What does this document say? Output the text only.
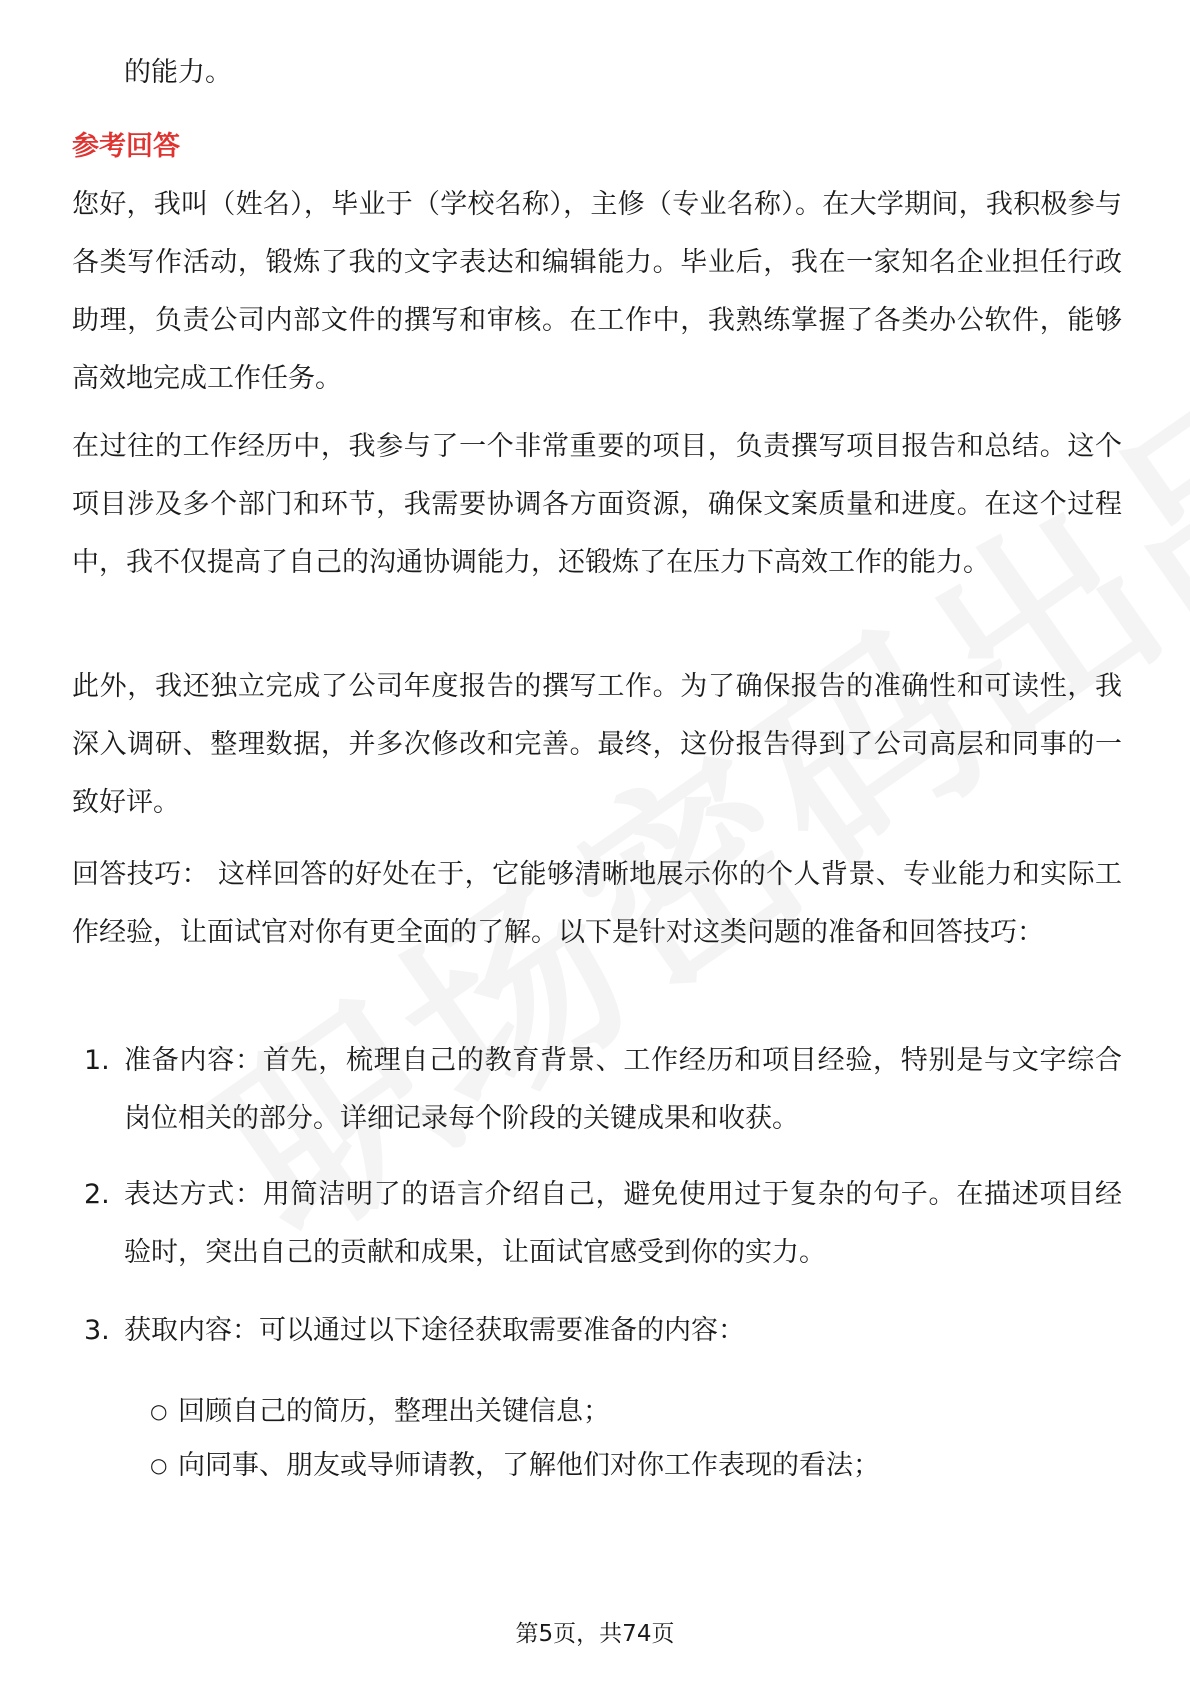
的能力。
参考回答

您好，我叫（姓名），毕业于（学校名称），主修（专业名称）。在大学期间，我积极参与各类写作活动，锻炼了我的文字表达和编辑能力。毕业后，我在一家知名企业担任行政助理，负责公司内部文件的撰写和审核。在工作中，我熟练掌握了各类办公软件，能够高效地完成工作任务。

在过往的工作经历中，我参与了一个非常重要的项目，负责撰写项目报告和总结。这个项目涉及多个部门和环节，我需要协调各方面资源，确保文案质量和进度。在这个过程中，我不仅提高了自己的沟通协调能力，还锻炼了在压力下高效工作的能力。

此外，我还独立完成了公司年度报告的撰写工作。为了确保报告的准确性和可读性，我深入调研、整理数据，并多次修改和完善。最终，这份报告得到了公司高层和同事的一致好评。

回答技巧： 这样回答的好处在于，它能够清晰地展示你的个人背景、专业能力和实际工作经验，让面试官对你有更全面的了解。以下是针对这类问题的准备和回答技巧：

1. 准备内容：首先，梳理自己的教育背景、工作经历和项目经验，特别是与文字综合岗位相关的部分。详细记录每个阶段的关键成果和收获。
2. 表达方式：用简洁明了的语言介绍自己，避免使用过于复杂的句子。在描述项目经验时，突出自己的贡献和成果，让面试官感受到你的实力。
3. 获取内容：可以通过以下途径获取需要准备的内容：
○ 回顾自己的简历，整理出关键信息；
○ 向同事、朋友或导师请教，了解他们对你工作表现的看法；
第5页，共74页
